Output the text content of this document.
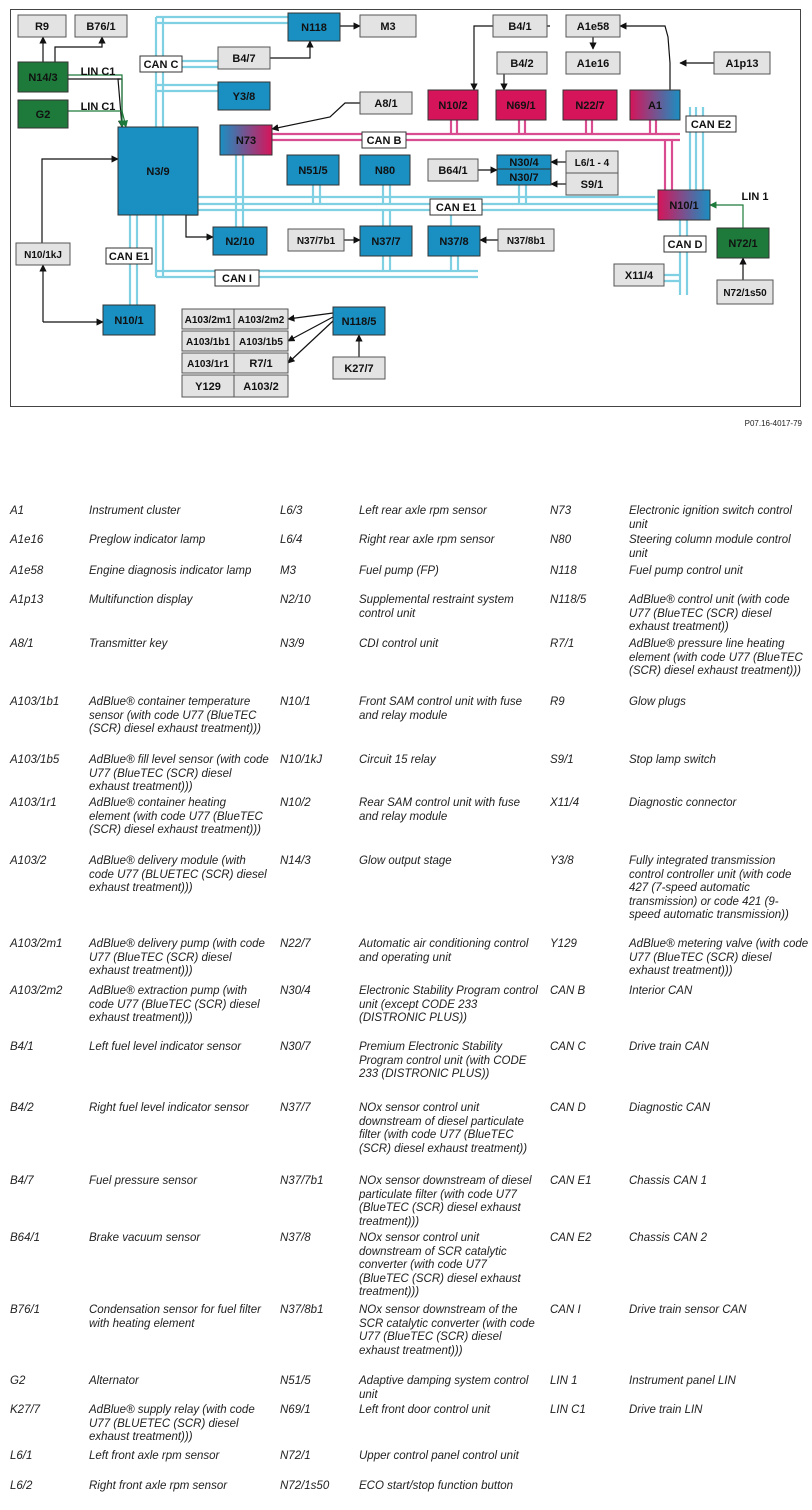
R9	B76/1
N14/3
G2
N118	M3
B4/7
Y3/8
CAN C
A8/1
N73	CAN B
N3/9	N51/5	N80	B64/1
N30/4
N30/7
L6/1 - 4
S9/1
B4/1
B4/2
A1e58
A1e16	A1p13
N10/2	N69/1	N22/7	A1
CAN E2
N10/1
LIN 1
N72/1
N72/1s50
X11/4
CAN D
CAN E1
N2/10	N37/7b1	N37/7	N37/8	N37/8b1
N10/1kJ
CAN I
A103/2m1 A103/2m2
A103/1b1 A103/1b5
A103/1r1 R7/1
Y129 A103/2
N118/5
K27/7
CAN E1
LIN C1
LIN C1
N10/1
P07.16-4017-79
A1	Instrument cluster
A1e16	Preglow indicator lamp
A1e58	Engine diagnosis indicator lamp
A1p13	Multifunction display
A8/1	Transmitter key
A103/1b1	AdBlue® container temperature sensor (with code U77 (BlueTEC (SCR) diesel exhaust treatment)))
A103/1b5	AdBlue® fill level sensor (with code U77 (BlueTEC (SCR) diesel exhaust treatment)))
A103/1r1	AdBlue® container heating element (with code U77 (BlueTEC (SCR) diesel exhaust treatment)))
A103/2	AdBlue® delivery module (with code U77 (BLUETEC (SCR) diesel exhaust treatment)))
A103/2m1	AdBlue® delivery pump (with code U77 (BlueTEC (SCR) diesel exhaust treatment)))
A103/2m2	AdBlue® extraction pump (with code U77 (BlueTEC (SCR) diesel exhaust treatment)))
B4/1	Left fuel level indicator sensor
B4/2	Right fuel level indicator sensor
B4/7	Fuel pressure sensor
B64/1	Brake vacuum sensor
B76/1	Condensation sensor for fuel filter with heating element
G2	Alternator
K27/7	AdBlue® supply relay (with code U77 (BLUETEC (SCR) diesel exhaust treatment)))
L6/1	Left front axle rpm sensor
L6/2	Right front axle rpm sensor
L6/3	Left rear axle rpm sensor
L6/4	Right rear axle rpm sensor
M3	Fuel pump (FP)
N2/10	Supplemental restraint system control unit
N3/9	CDI control unit
N10/1	Front SAM control unit with fuse and relay module
N10/1kJ	Circuit 15 relay
N10/2	Rear SAM control unit with fuse and relay module
N14/3	Glow output stage
N22/7	Automatic air conditioning control and operating unit
N30/4	Electronic Stability Program control unit (except CODE 233 (DISTRONIC PLUS))
N30/7	Premium Electronic Stability Program control unit (with CODE 233 (DISTRONIC PLUS))
N37/7	NOx sensor control unit downstream of diesel particulate filter (with code U77 (BlueTEC (SCR) diesel exhaust treatment))
N37/7b1	NOx sensor downstream of diesel particulate filter (with code U77 (BlueTEC (SCR) diesel exhaust treatment)))
N37/8	NOx sensor control unit downstream of SCR catalytic converter (with code U77 (BlueTEC (SCR) diesel exhaust treatment)))
N37/8b1	NOx sensor downstream of the SCR catalytic converter (with code U77 (BlueTEC (SCR) diesel exhaust treatment)))
N51/5	Adaptive damping system control unit
N69/1	Left front door control unit
N72/1	Upper control panel control unit
N72/1s50	ECO start/stop function button
N73	Electronic ignition switch control unit
N80	Steering column module control unit
N118	Fuel pump control unit
N118/5	AdBlue® control unit (with code U77 (BlueTEC (SCR) diesel exhaust treatment))
R7/1	AdBlue® pressure line heating element (with code U77 (BlueTEC (SCR) diesel exhaust treatment)))
R9	Glow plugs
S9/1	Stop lamp switch
X11/4	Diagnostic connector
Y3/8	Fully integrated transmission control controller unit (with code 427 (7-speed automatic transmission) or code 421 (9-speed automatic transmission))
Y129	AdBlue® metering valve (with code U77 (BlueTEC (SCR) diesel exhaust treatment)))
CAN B	Interior CAN
CAN C	Drive train CAN
CAN D	Diagnostic CAN
CAN E1	Chassis CAN 1
CAN E2	Chassis CAN 2
CAN I	Drive train sensor CAN
LIN 1	Instrument panel LIN
LIN C1	Drive train LIN
